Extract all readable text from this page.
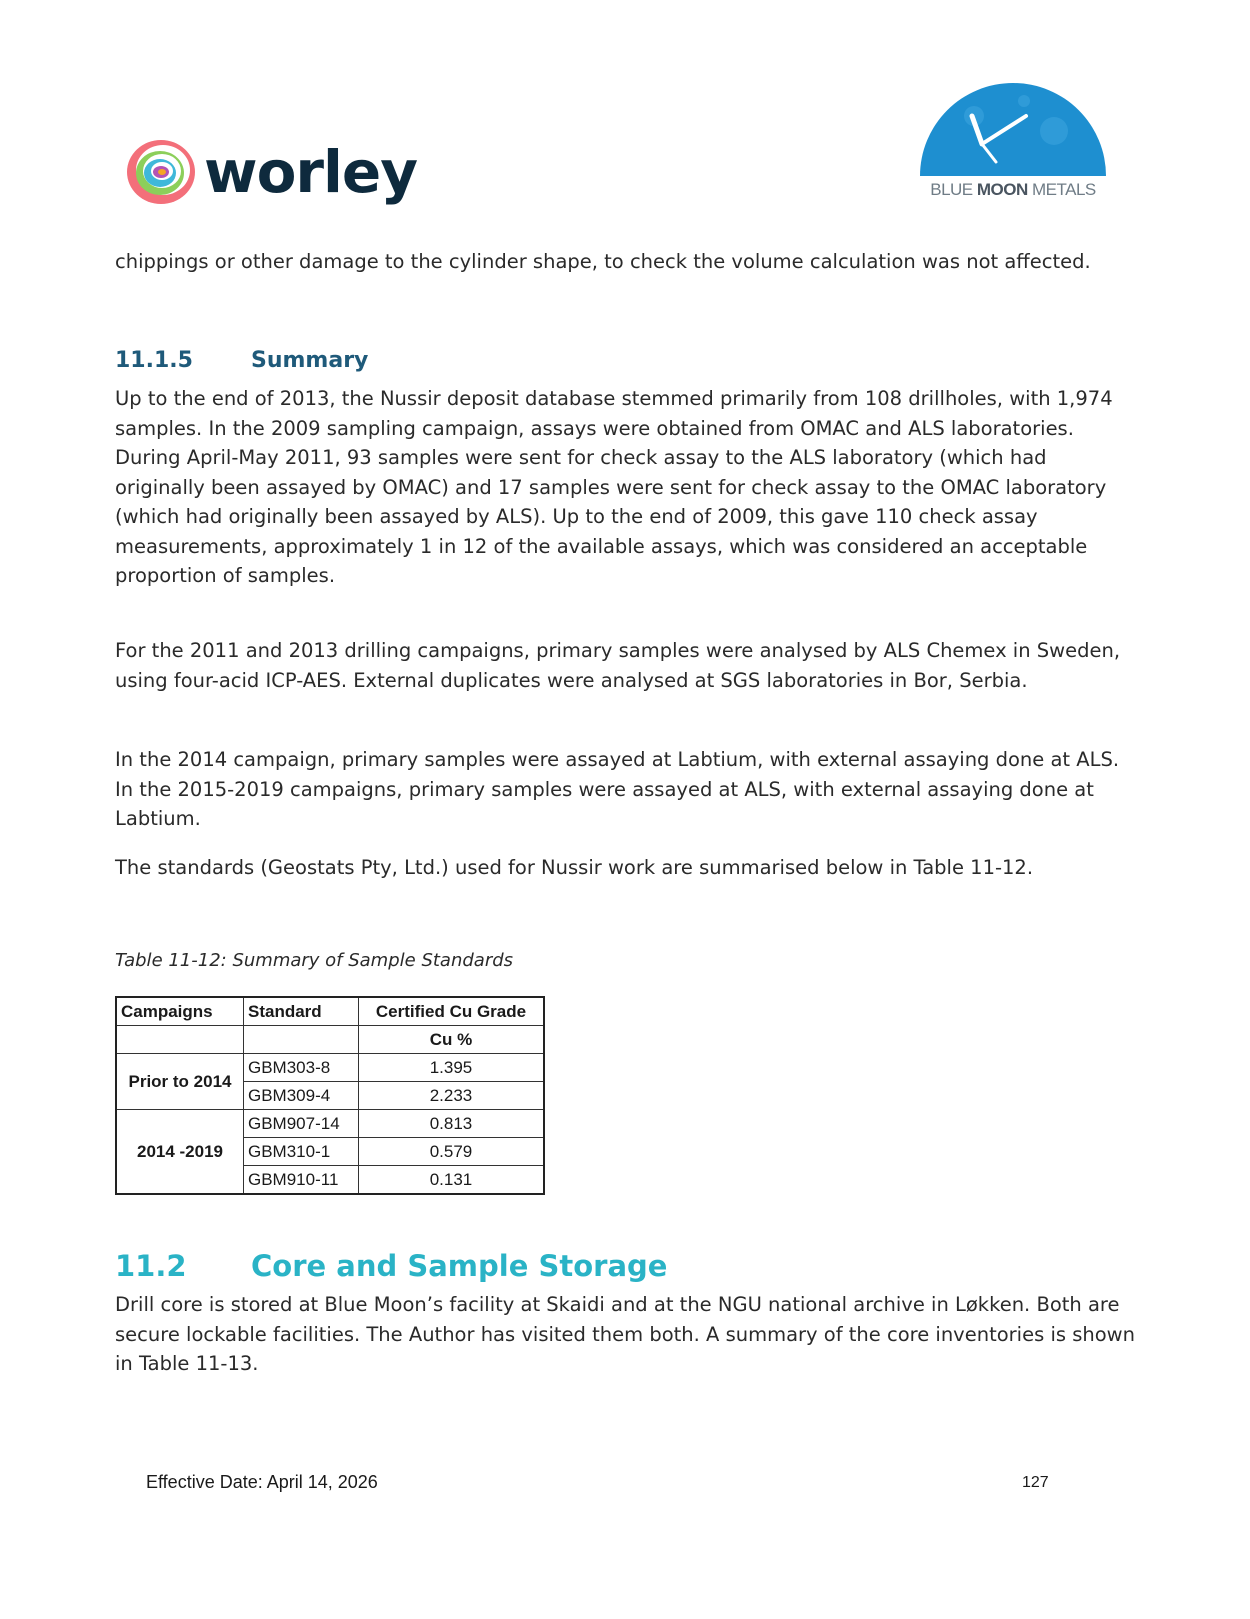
worley	BLUE MOON METALS

chippings or other damage to the cylinder shape, to check the volume calculation was not affected.

11.1.5	Summary

Up to the end of 2013, the Nussir deposit database stemmed primarily from 108 drillholes, with 1,974 samples. In the 2009 sampling campaign, assays were obtained from OMAC and ALS laboratories. During April-May 2011, 93 samples were sent for check assay to the ALS laboratory (which had originally been assayed by OMAC) and 17 samples were sent for check assay to the OMAC laboratory (which had originally been assayed by ALS). Up to the end of 2009, this gave 110 check assay measurements, approximately 1 in 12 of the available assays, which was considered an acceptable proportion of samples.

For the 2011 and 2013 drilling campaigns, primary samples were analysed by ALS Chemex in Sweden, using four-acid ICP-AES. External duplicates were analysed at SGS laboratories in Bor, Serbia.

In the 2014 campaign, primary samples were assayed at Labtium, with external assaying done at ALS. In the 2015-2019 campaigns, primary samples were assayed at ALS, with external assaying done at Labtium.

The standards (Geostats Pty, Ltd.) used for Nussir work are summarised below in Table 11-12.

Table 11-12: Summary of Sample Standards
Campaigns	Standard	Certified Cu Grade
		Cu %
Prior to 2014	GBM303-8	1.395
	GBM309-4	2.233
2014 -2019	GBM907-14	0.813
	GBM310-1	0.579
	GBM910-11	0.131
11.2 Core and Sample Storage

Drill core is stored at Blue Moon’s facility at Skaidi and at the NGU national archive in Løkken. Both are secure lockable facilities. The Author has visited them both. A summary of the core inventories is shown in Table 11-13.

Effective Date: April 14, 2026	127
